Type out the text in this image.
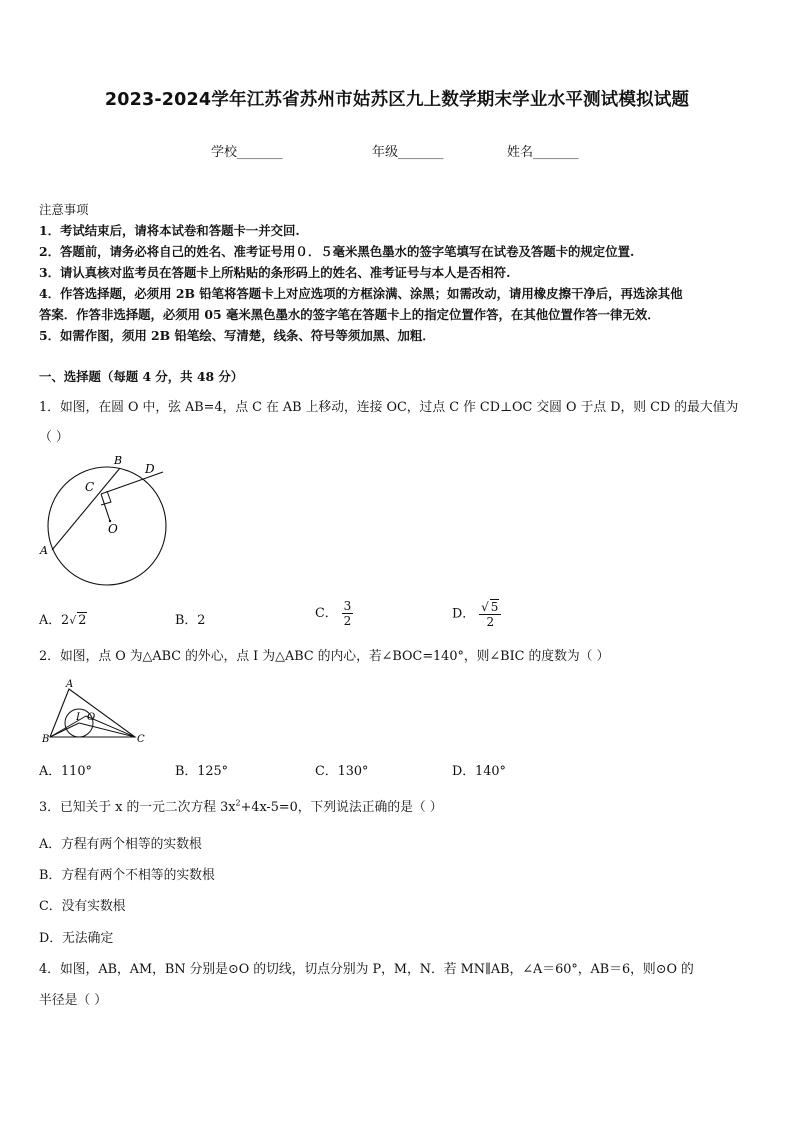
2023-2024学年江苏省苏州市姑苏区九上数学期末学业水平测试模拟试题
学校_______	年级_______	姓名_______
注意事项
1．考试结束后，请将本试卷和答题卡一并交回.
2．答题前，请务必将自己的姓名、准考证号用０．５毫米黑色墨水的签字笔填写在试卷及答题卡的规定位置.
3．请认真核对监考员在答题卡上所粘贴的条形码上的姓名、准考证号与本人是否相符.
4．作答选择题，必须用 2B 铅笔将答题卡上对应选项的方框涂满、涂黑；如需改动，请用橡皮擦干净后，再选涂其他
答案．作答非选择题，必须用 05 毫米黑色墨水的签字笔在答题卡上的指定位置作答，在其他位置作答一律无效．
5．如需作图，须用 2B 铅笔绘、写清楚，线条、符号等须加黑、加粗．
一、选择题（每题 4 分，共 48 分）
1．如图，在圆 O 中，弦 AB=4，点 C 在 AB 上移动，连接 OC，过点 C 作 CD⊥OC 交圆 O 于点 D，则 CD 的最大值为
（ ）
A
B
C
D
O
A．2√ 2	B．2	C． $\frac{3}{2}$	D． $\frac{√ 5}{2}$
2．如图，点 O 为△ABC 的外心，点 I 为△ABC 的内心，若∠BOC=140°，则∠BIC 的度数为（ ）
A
B	C
I O
A．110°	B．125°	C．130°	D．140°
3．已知关于 x 的一元二次方程 $3x^2+4x-5=0$，下列说法正确的是（ ）
A．方程有两个相等的实数根
B．方程有两个不相等的实数根
C．没有实数根
D．无法确定
4．如图，AB，AM，BN 分别是⊙O 的切线，切点分别为 P，M，N．若 MN∥AB，∠A＝60°，AB＝6，则⊙O 的
半径是（ ）
